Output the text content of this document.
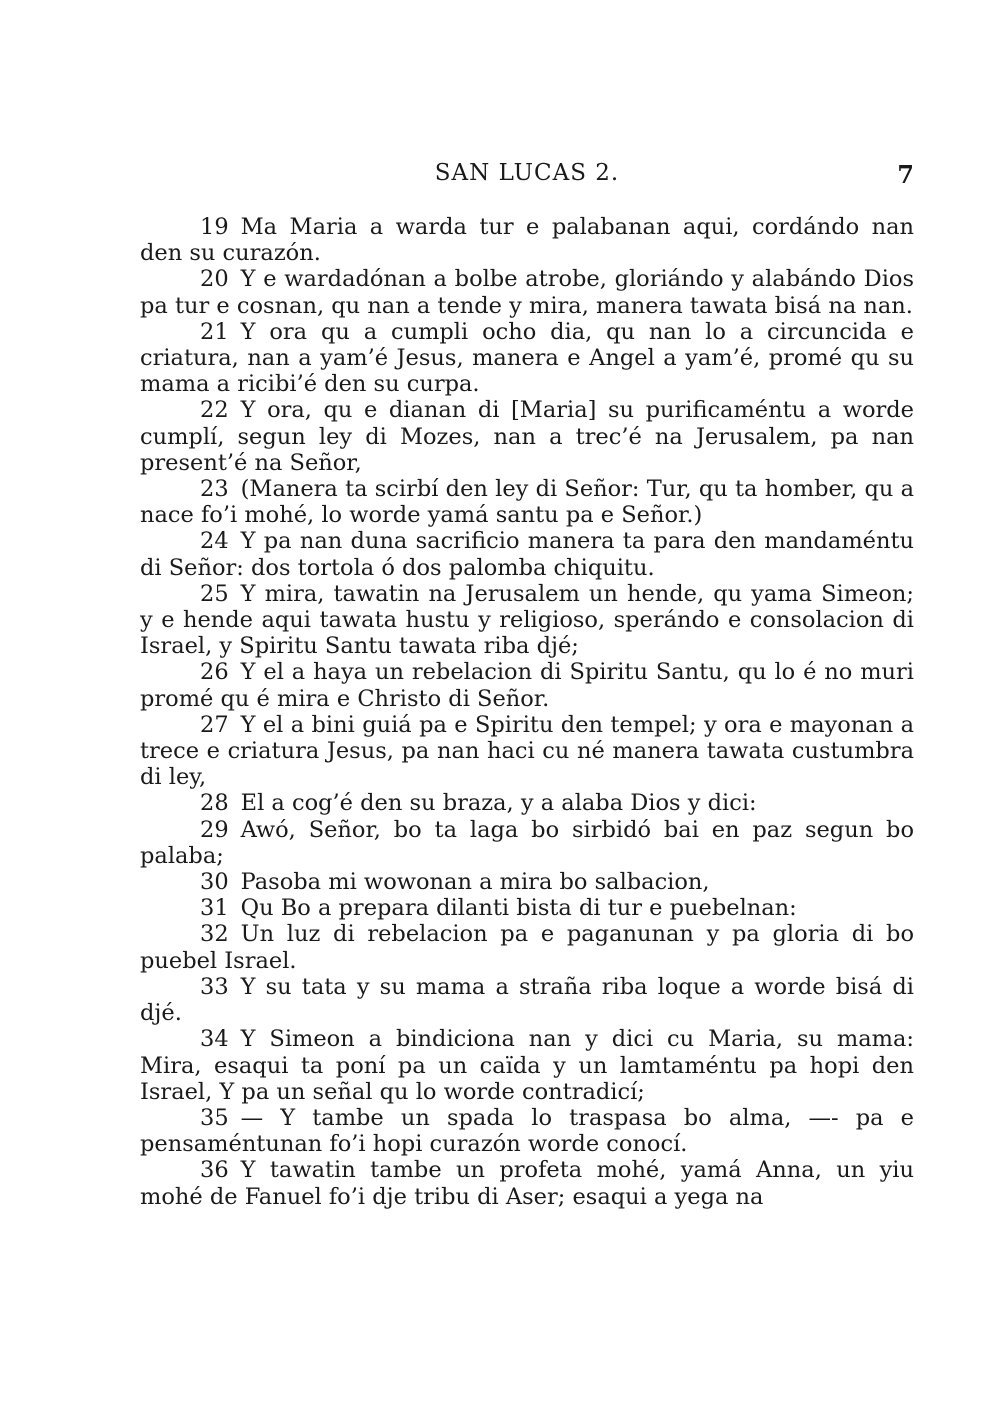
SAN LUCAS 2.	7

19 Ma Maria a warda tur e palabanan aqui, cordándo nan den su curazón.

20 Y e wardadónan a bolbe atrobe, gloriándo y alabándo Dios pa tur e cosnan, qu nan a tende y mira, manera tawata bisá na nan.

21 Y ora qu a cumpli ocho dia, qu nan lo a circuncida e criatura, nan a yam’é Jesus, manera e Angel a yam’é, promé qu su mama a ricibi’é den su curpa.

22 Y ora, qu e dianan di [Maria] su purificaméntu a worde cumplí, segun ley di Mozes, nan a trec’é na Jerusalem, pa nan present’é na Señor,

23 (Manera ta scirbí den ley di Señor: Tur, qu ta homber, qu a nace fo’i mohé, lo worde yamá santu pa e Señor.)

24 Y pa nan duna sacrificio manera ta para den mandaméntu di Señor: dos tortola ó dos palomba chiquitu.

25 Y mira, tawatin na Jerusalem un hende, qu yama Simeon; y e hende aqui tawata hustu y religioso, sperándo e consolacion di Israel, y Spiritu Santu tawata riba djé;

26 Y el a haya un rebelacion di Spiritu Santu, qu lo é no muri promé qu é mira e Christo di Señor.

27 Y el a bini guiá pa e Spiritu den tempel; y ora e mayonan a trece e criatura Jesus, pa nan haci cu né manera tawata custumbra di ley,

28 El a cog’é den su braza, y a alaba Dios y dici:

29 Awó, Señor, bo ta laga bo sirbidó bai en paz segun bo palaba;

30 Pasoba mi wowonan a mira bo salbacion,

31 Qu Bo a prepara dilanti bista di tur e puebelnan:

32 Un luz di rebelacion pa e paganunan y pa gloria di bo puebel Israel.

33 Y su tata y su mama a straña riba loque a worde bisá di djé.

34 Y Simeon a bindiciona nan y dici cu Maria, su mama: Mira, esaqui ta poní pa un caïda y un lamtaméntu pa hopi den Israel, Y pa un señal qu lo worde contradicí;

35 — Y tambe un spada lo traspasa bo alma, —- pa e pensaméntunan fo’i hopi curazón worde conocí.

36 Y tawatin tambe un profeta mohé, yamá Anna, un yiu mohé de Fanuel fo’i dje tribu di Aser; esaqui a yega na
